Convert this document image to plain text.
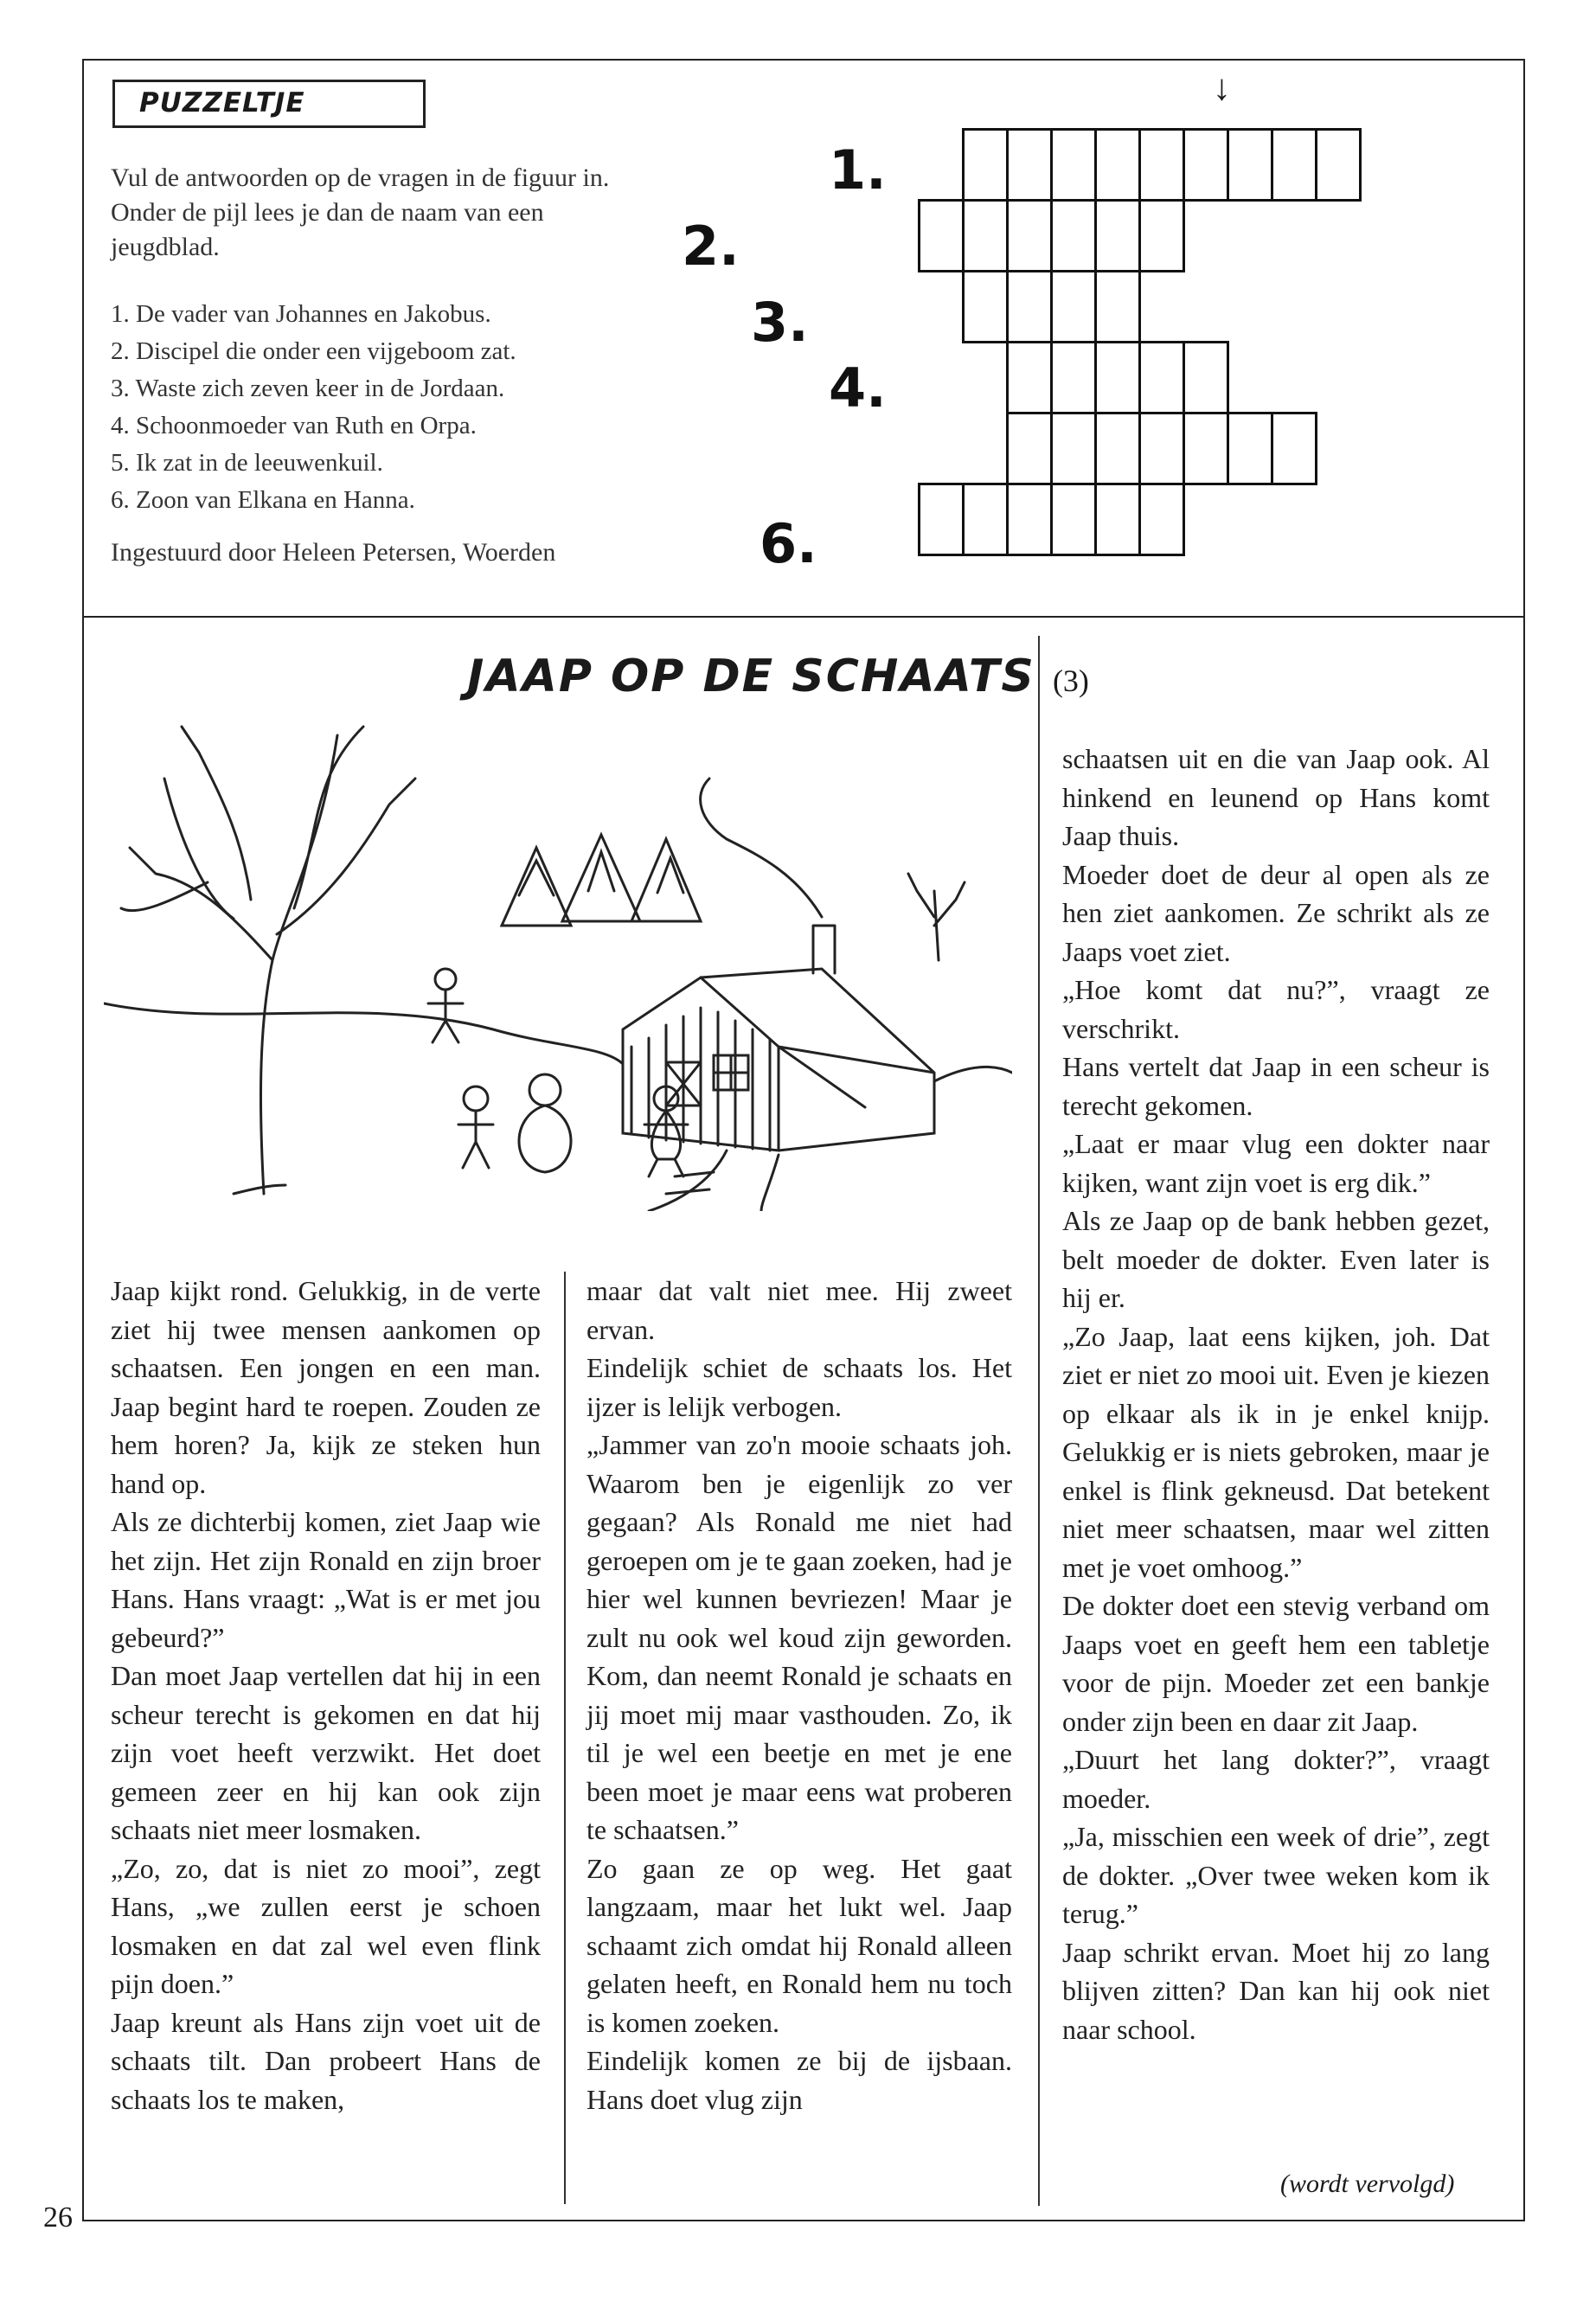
PUZZELTJE
Vul de antwoorden op de vragen in de figuur in. Onder de pijl lees je dan de naam van een jeugdblad.
1. De vader van Johannes en Jakobus.
2. Discipel die onder een vijgeboom zat.
3. Waste zich zeven keer in de Jordaan.
4. Schoonmoeder van Ruth en Orpa.
5. Ik zat in de leeuwenkuil.
6. Zoon van Elkana en Hanna.
Ingestuurd door Heleen Petersen, Woerden
1.
2.
3.
4.
6.
↓
JAAP OP DE SCHAATS (3)

Jaap kijkt rond. Gelukkig, in de verte ziet hij twee mensen aankomen op schaatsen. Een jongen en een man. Jaap begint hard te roepen. Zouden ze hem horen? Ja, kijk ze steken hun hand op.

Als ze dichterbij komen, ziet Jaap wie het zijn. Het zijn Ronald en zijn broer Hans. Hans vraagt: „Wat is er met jou gebeurd?”

Dan moet Jaap vertellen dat hij in een scheur terecht is gekomen en dat hij zijn voet heeft verzwikt. Het doet gemeen zeer en hij kan ook zijn schaats niet meer losmaken.

„Zo, zo, dat is niet zo mooi”, zegt Hans, „we zullen eerst je schoen losmaken en dat zal wel even flink pijn doen.”

Jaap kreunt als Hans zijn voet uit de schaats tilt. Dan probeert Hans de schaats los te maken,

maar dat valt niet mee. Hij zweet ervan.

Eindelijk schiet de schaats los. Het ijzer is lelijk verbogen.

„Jammer van zo'n mooie schaats joh. Waarom ben je eigenlijk zo ver gegaan? Als Ronald me niet had geroepen om je te gaan zoeken, had je hier wel kunnen bevriezen! Maar je zult nu ook wel koud zijn geworden. Kom, dan neemt Ronald je schaats en jij moet mij maar vasthouden. Zo, ik til je wel een beetje en met je ene been moet je maar eens wat proberen te schaatsen.”

Zo gaan ze op weg. Het gaat langzaam, maar het lukt wel. Jaap schaamt zich omdat hij Ronald alleen gelaten heeft, en Ronald hem nu toch is komen zoeken.

Eindelijk komen ze bij de ijsbaan. Hans doet vlug zijn

schaatsen uit en die van Jaap ook. Al hinkend en leunend op Hans komt Jaap thuis.

Moeder doet de deur al open als ze hen ziet aankomen. Ze schrikt als ze Jaaps voet ziet.

„Hoe komt dat nu?”, vraagt ze verschrikt.

Hans vertelt dat Jaap in een scheur is terecht gekomen.

„Laat er maar vlug een dokter naar kijken, want zijn voet is erg dik.”

Als ze Jaap op de bank hebben gezet, belt moeder de dokter. Even later is hij er.

„Zo Jaap, laat eens kijken, joh. Dat ziet er niet zo mooi uit. Even je kiezen op elkaar als ik in je enkel knijp. Gelukkig er is niets gebroken, maar je enkel is flink gekneusd. Dat betekent niet meer schaatsen, maar wel zitten met je voet omhoog.”

De dokter doet een stevig verband om Jaaps voet en geeft hem een tabletje voor de pijn. Moeder zet een bankje onder zijn been en daar zit Jaap.

„Duurt het lang dokter?”, vraagt moeder.

„Ja, misschien een week of drie”, zegt de dokter. „Over twee weken kom ik terug.”

Jaap schrikt ervan. Moet hij zo lang blijven zitten? Dan kan hij ook niet naar school.

(wordt vervolgd)
26
